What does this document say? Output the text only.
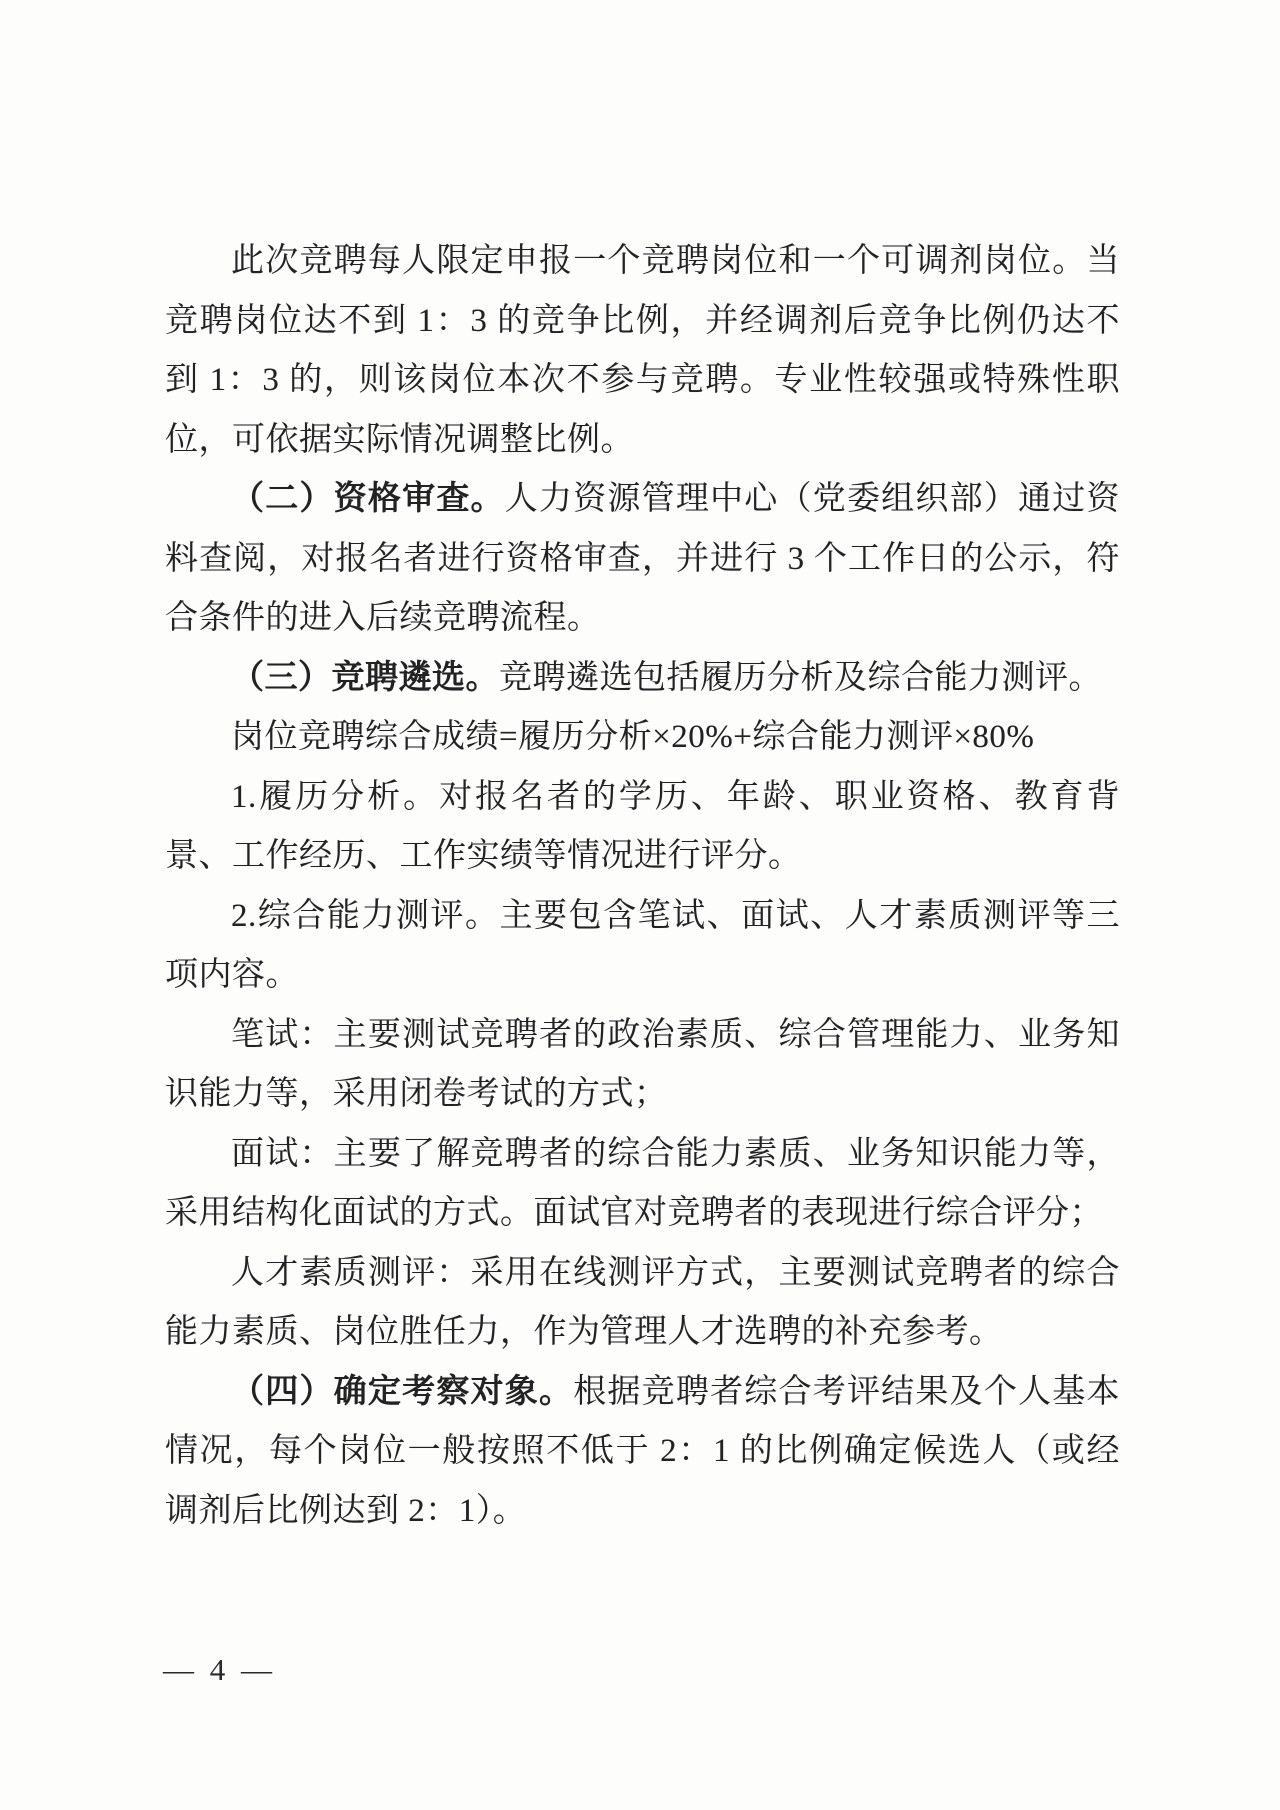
此次竞聘每人限定申报一个竞聘岗位和一个可调剂岗位。当竞聘岗位达不到 1：3 的竞争比例，并经调剂后竞争比例仍达不到 1：3 的，则该岗位本次不参与竞聘。专业性较强或特殊性职位，可依据实际情况调整比例。

（二）资格审查。人力资源管理中心（党委组织部）通过资料查阅，对报名者进行资格审查，并进行 3 个工作日的公示，符合条件的进入后续竞聘流程。

（三）竞聘遴选。竞聘遴选包括履历分析及综合能力测评。

岗位竞聘综合成绩=履历分析×20%+综合能力测评×80%

1.履历分析。对报名者的学历、年龄、职业资格、教育背景、工作经历、工作实绩等情况进行评分。

2.综合能力测评。主要包含笔试、面试、人才素质测评等三项内容。

笔试：主要测试竞聘者的政治素质、综合管理能力、业务知识能力等，采用闭卷考试的方式；

面试：主要了解竞聘者的综合能力素质、业务知识能力等，采用结构化面试的方式。面试官对竞聘者的表现进行综合评分；

人才素质测评：采用在线测评方式，主要测试竞聘者的综合能力素质、岗位胜任力，作为管理人才选聘的补充参考。

（四）确定考察对象。根据竞聘者综合考评结果及个人基本情况，每个岗位一般按照不低于 2：1 的比例确定候选人（或经调剂后比例达到 2：1）。

— 4 —
